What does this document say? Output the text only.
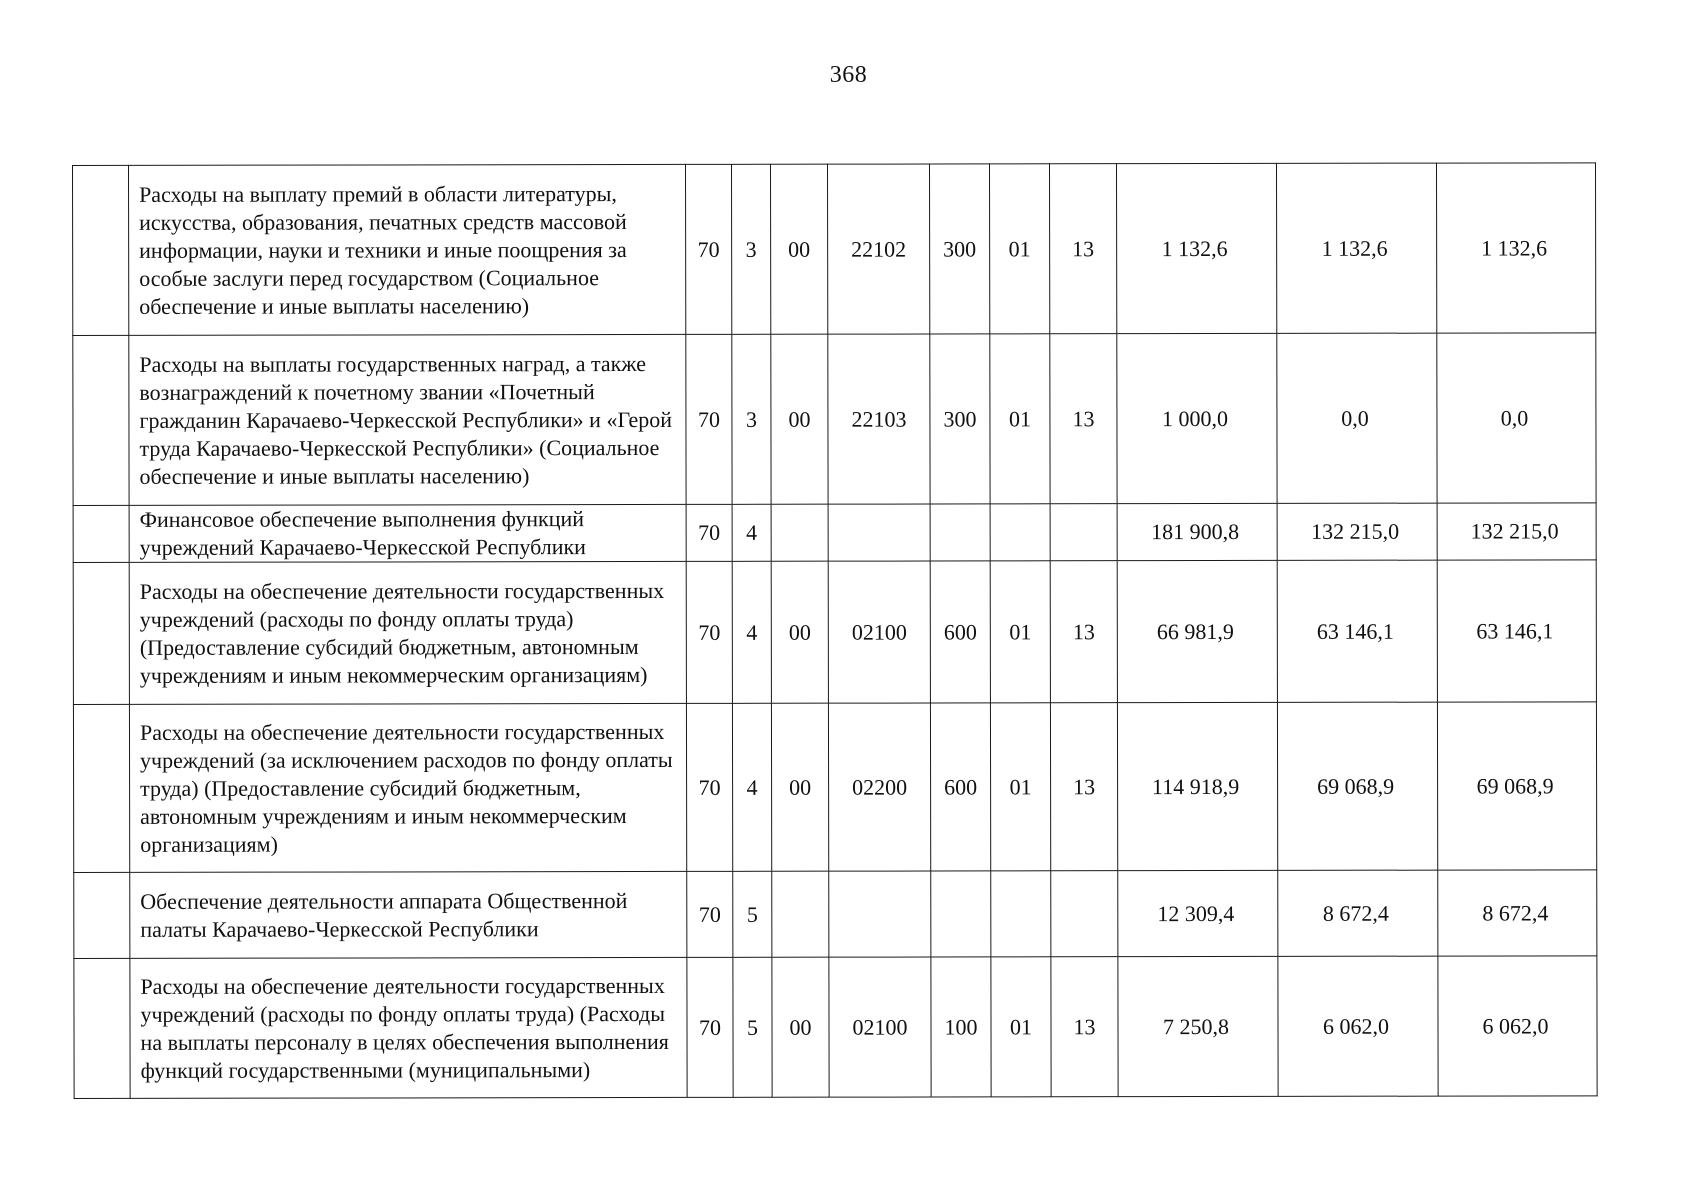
368
	Расходы на выплату премий в области литературы, искусства, образования, печатных средств массовой информации, науки и техники и иные поощрения за особые заслуги перед государством (Социальное обеспечение и иные выплаты населению)	70	3	00	22102	300	01	13	1 132,6	1 132,6	1 132,6
	Расходы на выплаты государственных наград, а также вознаграждений к почетному звании «Почетный гражданин Карачаево-Черкесской Республики» и «Герой труда Карачаево-Черкесской Республики» (Социальное обеспечение и иные выплаты населению)	70	3	00	22103	300	01	13	1 000,0	0,0	0,0
	Финансовое обеспечение выполнения функций учреждений Карачаево-Черкесской Республики	70	4						181 900,8	132 215,0	132 215,0
	Расходы на обеспечение деятельности государственных учреждений (расходы по фонду оплаты труда) (Предоставление субсидий бюджетным, автономным учреждениям и иным некоммерческим организациям)	70	4	00	02100	600	01	13	66 981,9	63 146,1	63 146,1
	Расходы на обеспечение деятельности государственных учреждений (за исключением расходов по фонду оплаты труда) (Предоставление субсидий бюджетным, автономным учреждениям и иным некоммерческим организациям)	70	4	00	02200	600	01	13	114 918,9	69 068,9	69 068,9
	Обеспечение деятельности аппарата Общественной палаты Карачаево-Черкесской Республики	70	5						12 309,4	8 672,4	8 672,4
	Расходы на обеспечение деятельности государственных учреждений (расходы по фонду оплаты труда) (Расходы на выплаты персоналу в целях обеспечения выполнения функций государственными (муниципальными)	70	5	00	02100	100	01	13	7 250,8	6 062,0	6 062,0
